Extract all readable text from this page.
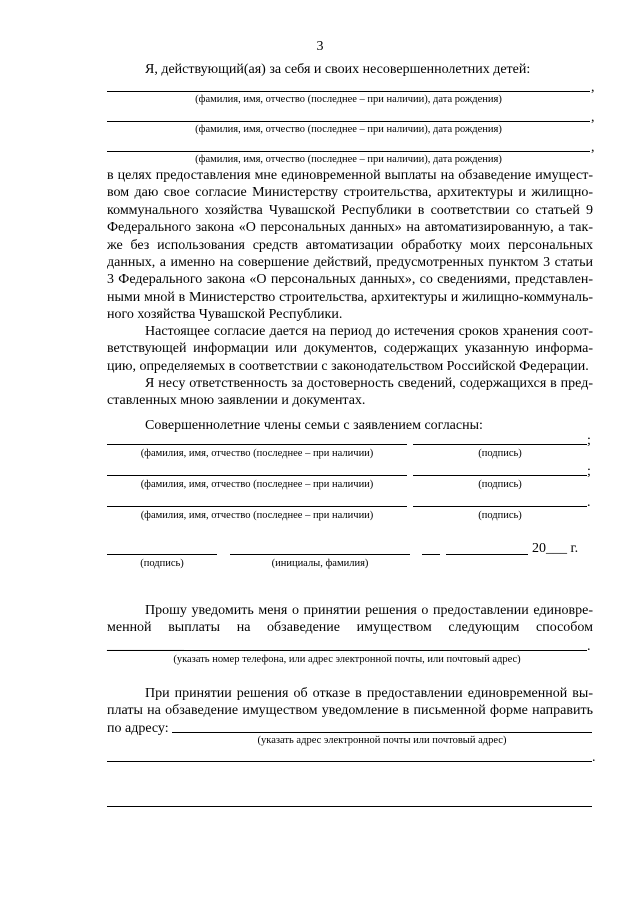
3
Я, действующий(ая) за себя и своих несовершеннолетних детей:
,
(фамилия, имя, отчество (последнее – при наличии), дата рождения)
,
(фамилия, имя, отчество (последнее – при наличии), дата рождения)
,
(фамилия, имя, отчество (последнее – при наличии), дата рождения)
в целях предоставления мне единовременной выплаты на обзаведение имуществом даю свое согласие Министерству строительства, архитектуры и жилищно-коммунального хозяйства Чувашской Республики в соответствии со статьей 9 Федерального закона «О персональных данных» на автоматизированную, а также без использования средств автоматизации обработку моих персональных данных, а именно на совершение действий, предусмотренных пунктом 3 статьи 3 Федерального закона «О персональных данных», со сведениями, представленными мной в Министерство строительства, архитектуры и жилищно-коммунального хозяйства Чувашской Республики.
Настоящее согласие дается на период до истечения сроков хранения соответствующей информации или документов, содержащих указанную информацию, определяемых в соответствии с законодательством Российской Федерации.
Я несу ответственность за достоверность сведений, содержащихся в представленных мною заявлении и документах.
Совершеннолетние члены семьи с заявлением согласны:
;
(фамилия, имя, отчество (последнее – при наличии)	(подпись)
;
(фамилия, имя, отчество (последнее – при наличии)	(подпись)
.
(фамилия, имя, отчество (последнее – при наличии)	(подпись)
20___ г.
(подпись)	(инициалы, фамилия)
Прошу уведомить меня о принятии решения о предоставлении единовременной выплаты на обзаведение имуществом следующим способом ___________	.
(указать номер телефона, или адрес электронной почты, или почтовый адрес)
При принятии решения об отказе в предоставлении единовременной выплаты на обзаведение имуществом уведомление в письменной форме направить по адресу:
(указать адрес электронной почты или почтовый адрес)
.
